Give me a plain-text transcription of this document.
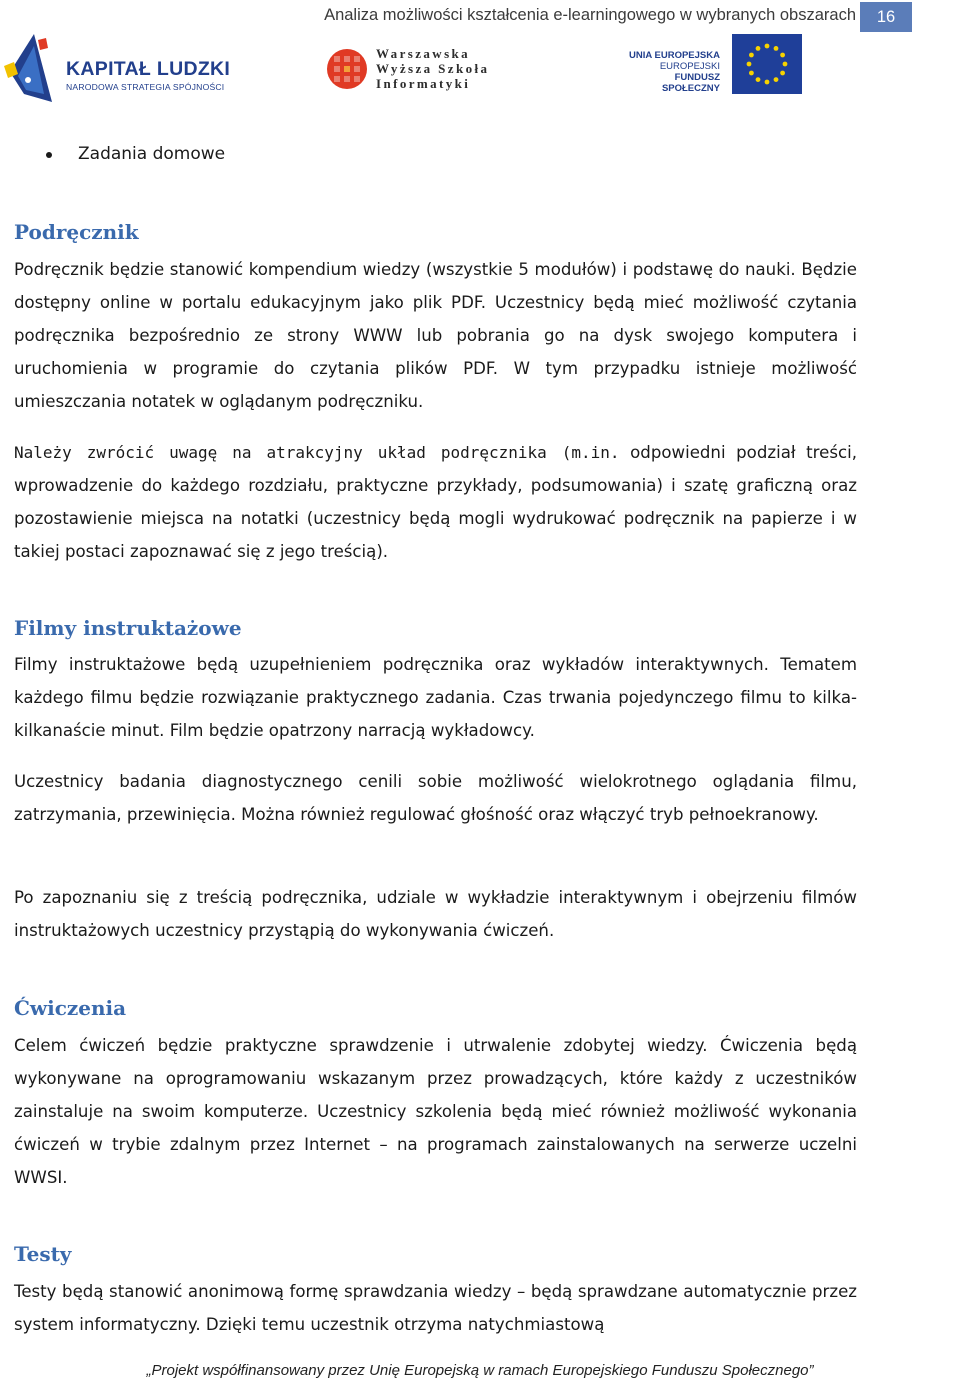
Analiza możliwości kształcenia e-learningowego w wybranych obszarach	16
KAPITAŁ LUDZKI
NARODOWA STRATEGIA SPÓJNOŚCI
Warszawska
Wyższa Szkoła
Informatyki
UNIA EUROPEJSKA
EUROPEJSKI
FUNDUSZ SPOŁECZNY
Zadania domowe
Podręcznik

Podręcznik będzie stanowić kompendium wiedzy (wszystkie 5 modułów) i podstawę do nauki. Będzie dostępny online w portalu edukacyjnym jako plik PDF. Uczestnicy będą mieć możliwość czytania podręcznika bezpośrednio ze strony WWW lub pobrania go na dysk swojego komputera i uruchomienia w programie do czytania plików PDF. W tym przypadku istnieje możliwość umieszczania notatek w oglądanym podręczniku.

Należy zwrócić uwagę na atrakcyjny układ podręcznika (m.in. odpowiedni podział treści, wprowadzenie do każdego rozdziału, praktyczne przykłady, podsumowania) i szatę graficzną oraz pozostawienie miejsca na notatki (uczestnicy będą mogli wydrukować podręcznik na papierze i w takiej postaci zapoznawać się z jego treścią).

Filmy instruktażowe

Filmy instruktażowe będą uzupełnieniem podręcznika oraz wykładów interaktywnych. Tematem każdego filmu będzie rozwiązanie praktycznego zadania. Czas trwania pojedynczego filmu to kilka- kilkanaście minut. Film będzie opatrzony narracją wykładowcy.

Uczestnicy badania diagnostycznego cenili sobie możliwość wielokrotnego oglądania filmu, zatrzymania, przewinięcia. Można również regulować głośność oraz włączyć tryb pełnoekranowy.

Po zapoznaniu się z treścią podręcznika, udziale w wykładzie interaktywnym i obejrzeniu filmów instruktażowych uczestnicy przystąpią do wykonywania ćwiczeń.

Ćwiczenia

Celem ćwiczeń będzie praktyczne sprawdzenie i utrwalenie zdobytej wiedzy. Ćwiczenia będą wykonywane na oprogramowaniu wskazanym przez prowadzących, które każdy z uczestników zainstaluje na swoim komputerze. Uczestnicy szkolenia będą mieć również możliwość wykonania ćwiczeń w trybie zdalnym przez Internet – na programach zainstalowanych na serwerze uczelni WWSI.

Testy

Testy będą stanowić anonimową formę sprawdzania wiedzy – będą sprawdzane automatycznie przez system informatyczny. Dzięki temu uczestnik otrzyma natychmiastową

„Projekt współfinansowany przez Unię Europejską w ramach Europejskiego Funduszu Społecznego”
